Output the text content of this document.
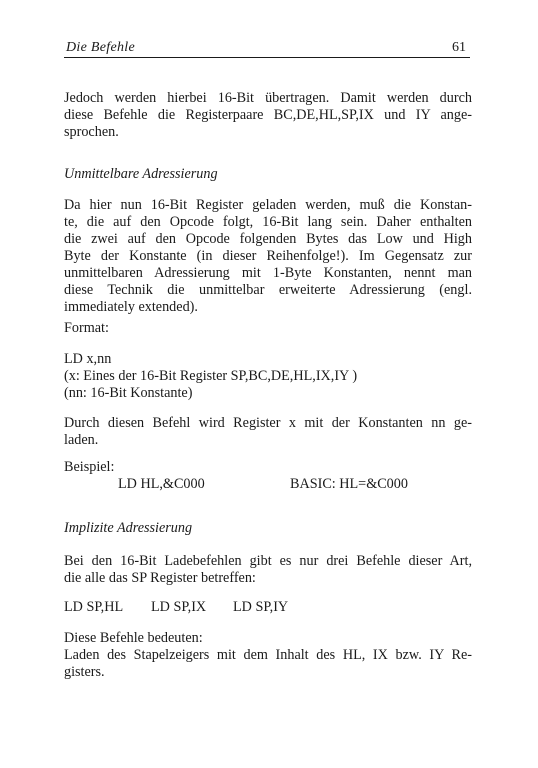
Die Befehle	61

Jedoch werden hierbei 16-Bit übertragen. Damit werden durch

diese Befehle die Registerpaare BC,DE,HL,SP,IX und IY ange-

sprochen.

Unmittelbare Adressierung

Da hier nun 16-Bit Register geladen werden, muß die Konstan-

te, die auf den Opcode folgt, 16-Bit lang sein. Daher enthalten

die zwei auf den Opcode folgenden Bytes das Low und High

Byte der Konstante (in dieser Reihenfolge!). Im Gegensatz zur

unmittelbaren Adressierung mit 1-Byte Konstanten, nennt man

diese Technik die unmittelbar erweiterte Adressierung (engl.

immediately extended).

Format:

LD x,nn

(x: Eines der 16-Bit Register SP,BC,DE,HL,IX,IY )

(nn: 16-Bit Konstante)

Durch diesen Befehl wird Register x mit der Konstanten nn ge-

laden.

Beispiel:
LD HL,&C000	BASIC: HL=&C000
Implizite Adressierung

Bei den 16-Bit Ladebefehlen gibt es nur drei Befehle dieser Art,

die alle das SP Register betreffen:

LD SP,HL LD SP,IX LD SP,IY
Diese Befehle bedeuten:

Laden des Stapelzeigers mit dem Inhalt des HL, IX bzw. IY Re-

gisters.
